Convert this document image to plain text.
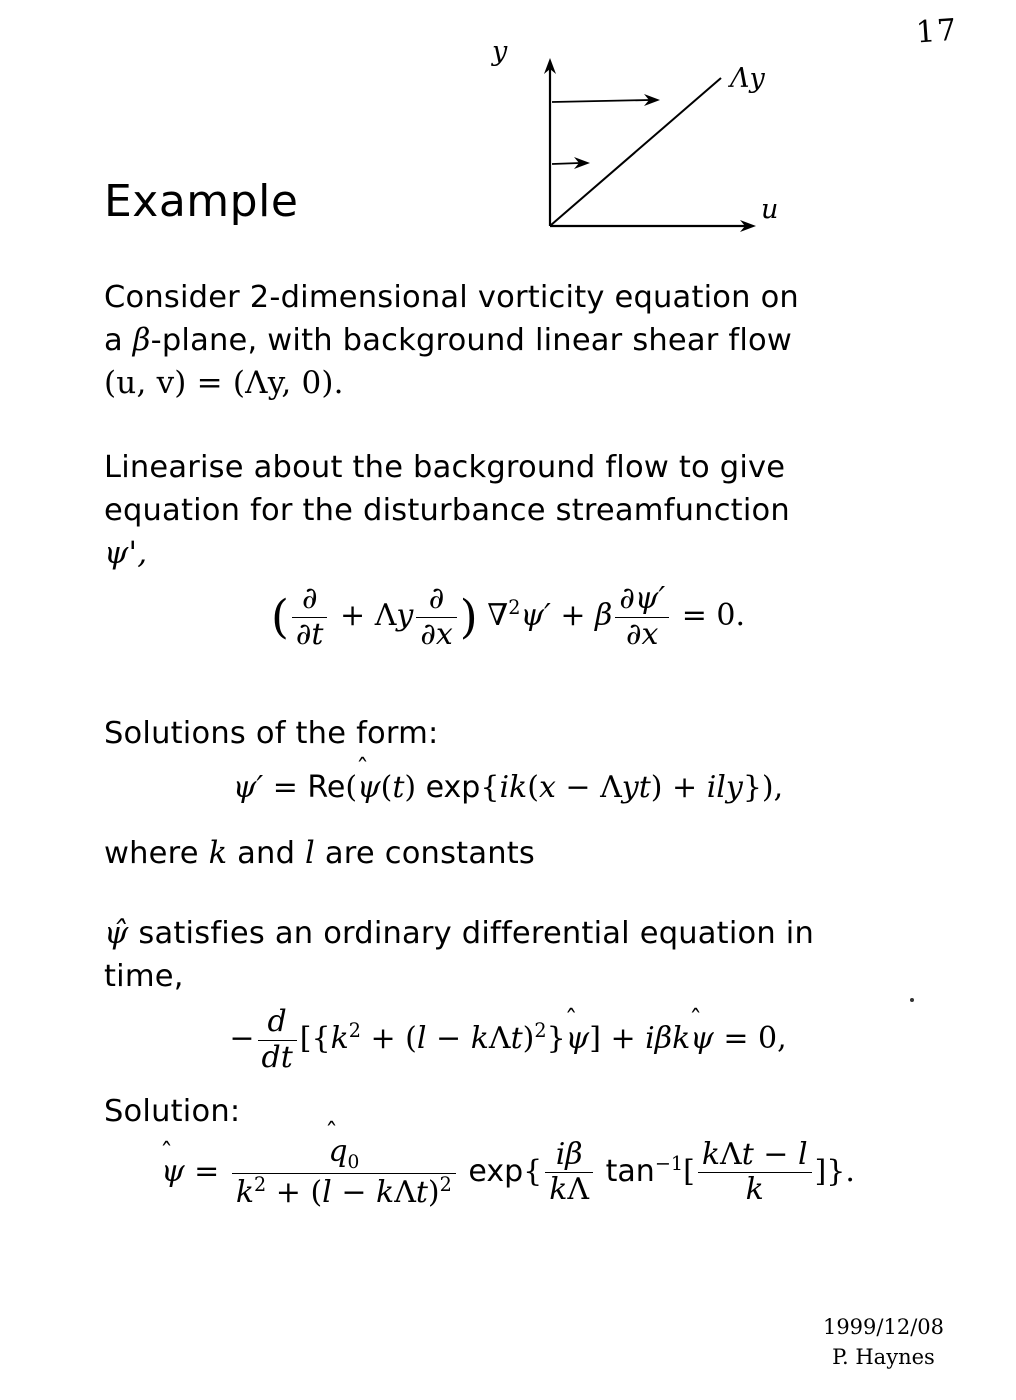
17
y
u
Λy
Example
Consider 2-dimensional vorticity equation on
a β-plane, with background linear shear flow
(u, v) = (Λy, 0).
Linearise about the background flow to give
equation for the disturbance streamfunction
ψ',
( $\frac{\partial}{\partial t} + \Lambda y \frac{\partial}{\partial x}$ ) ∇$^2$ψ′ + β $\frac{\partial\psi'}{\partial x} = 0$.
Solutions of the form:
ψ′ = Re(
ψ(t) exp{ik(x − Λyt) + ily}),
where k and l are constants
ψ̂ satisfies an ordinary differential equation in
time,
− $\frac{d}{dt} [\{k^2 + (l - k\Lambda t)^2\}$
ψ] + iβk
ψ = 0,
Solution:
$\psi = \frac{q_0}{k^2 + (l - k\Lambda t)^2} \exp\{ \frac{i\beta}{k\Lambda} \tan^{-1}[ \frac{\text{kΛt − l}}{k}$ ]}.
1999/12/08
P. Haynes
